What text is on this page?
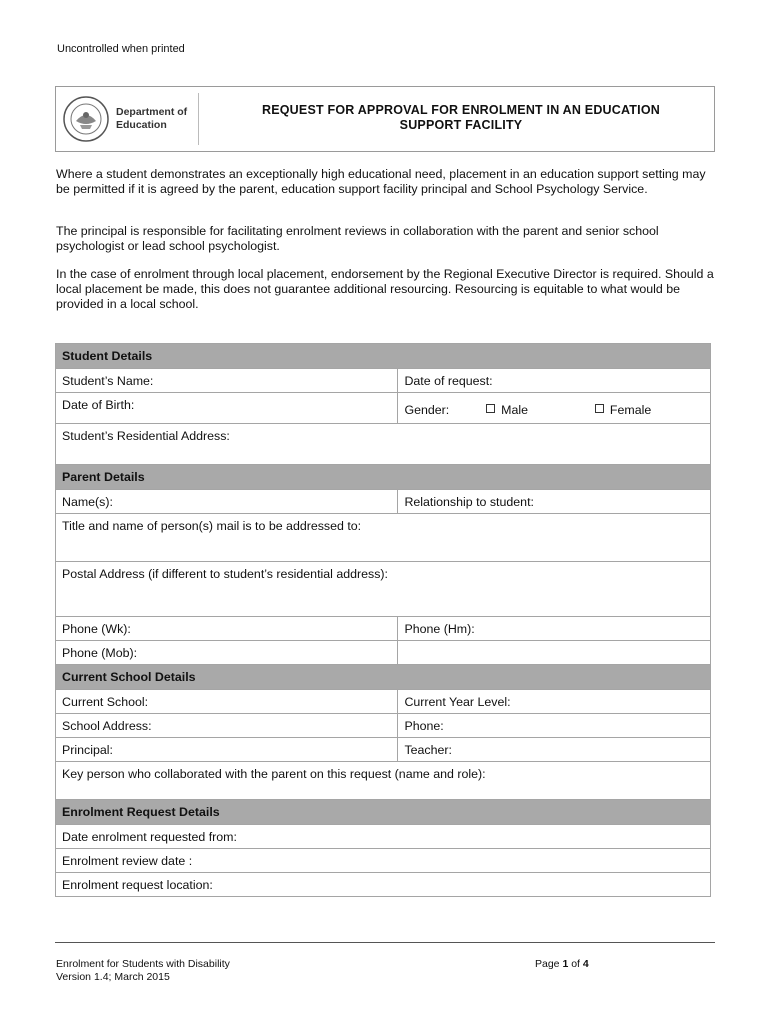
Uncontrolled when printed
Department of
Education
REQUEST FOR APPROVAL FOR ENROLMENT IN AN EDUCATION
SUPPORT FACILITY

Where a student demonstrates an exceptionally high educational need, placement in an education support setting may be permitted if it is agreed by the parent, education support facility principal and School Psychology Service.

The principal is responsible for facilitating enrolment reviews in collaboration with the parent and senior school psychologist or lead school psychologist.

In the case of enrolment through local placement, endorsement by the Regional Executive Director is required. Should a local placement be made, this does not guarantee additional resourcing. Resourcing is equitable to what would be provided in a local school.

Student Details	

Student’s Name:	Date of request:

Date of Birth:	Gender: Male Female

Student’s Residential Address:	

Parent Details	

Name(s):	Relationship to student:

Title and name of person(s) mail is to be addressed to:	

Postal Address (if different to student’s residential address):	

Phone (Wk):	Phone (Hm):

Phone (Mob):	

Current School Details	

Current School:	Current Year Level:

School Address:	Phone:

Principal:	Teacher:

Key person who collaborated with the parent on this request (name and role):	

Enrolment Request Details	

Date enrolment requested from:	

Enrolment review date :	

Enrolment request location:	
Enrolment for Students with Disability
Version 1.4; March 2015
Page 1 of 4
